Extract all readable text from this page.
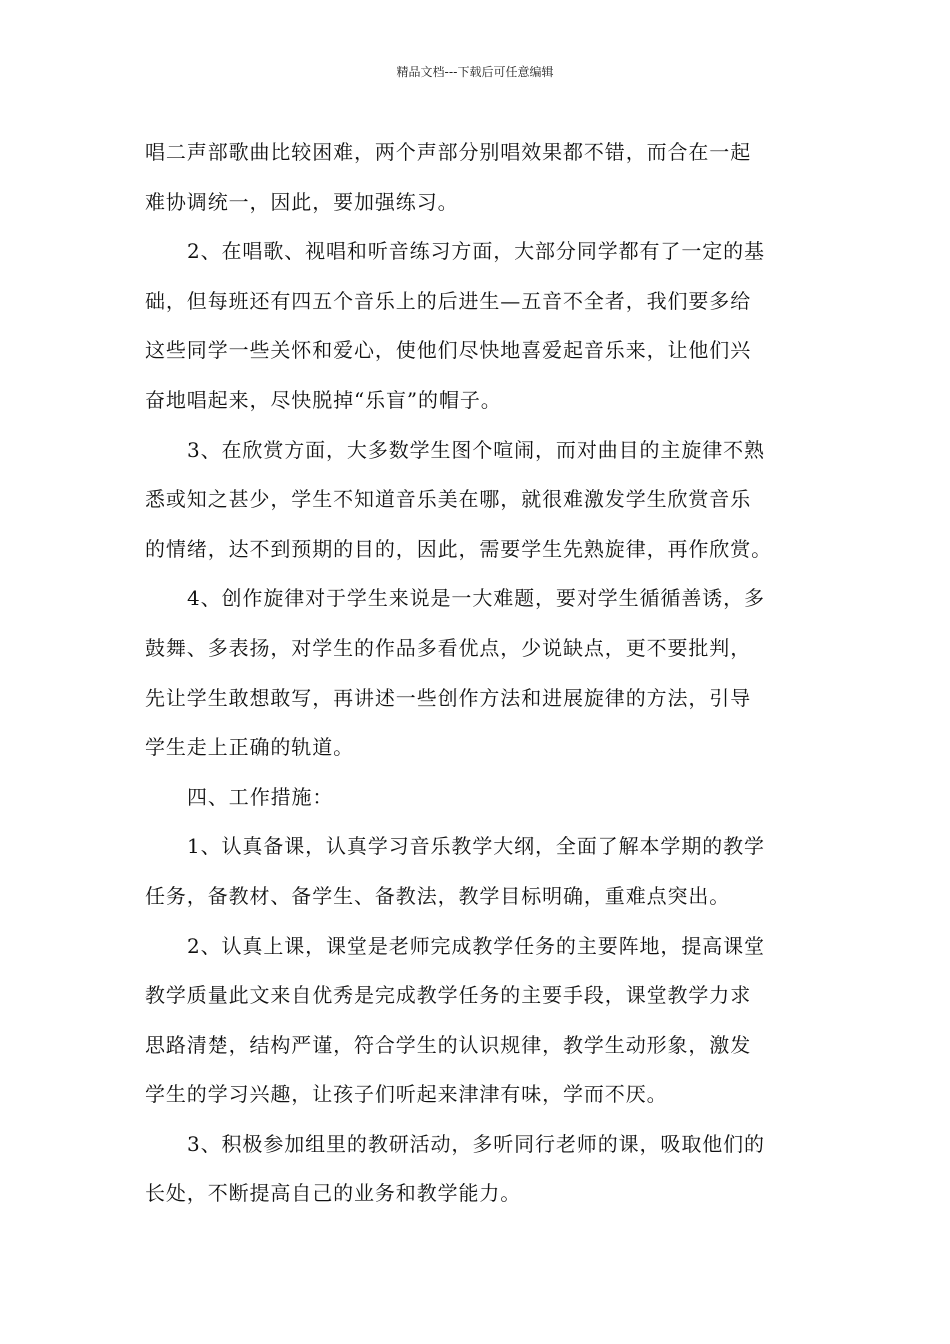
精品文档---下载后可任意编辑
唱二声部歌曲比较困难，两个声部分别唱效果都不错，而合在一起
难协调统一，因此，要加强练习。
2、在唱歌、视唱和听音练习方面，大部分同学都有了一定的基
础，但每班还有四五个音乐上的后进生—五音不全者，我们要多给
这些同学一些关怀和爱心，使他们尽快地喜爱起音乐来，让他们兴
奋地唱起来，尽快脱掉“乐盲”的帽子。
3、在欣赏方面，大多数学生图个喧闹，而对曲目的主旋律不熟
悉或知之甚少，学生不知道音乐美在哪，就很难激发学生欣赏音乐
的情绪，达不到预期的目的，因此，需要学生先熟旋律，再作欣赏。
4、创作旋律对于学生来说是一大难题，要对学生循循善诱，多
鼓舞、多表扬，对学生的作品多看优点，少说缺点，更不要批判，
先让学生敢想敢写，再讲述一些创作方法和进展旋律的方法，引导
学生走上正确的轨道。
四、工作措施：
1、认真备课，认真学习音乐教学大纲，全面了解本学期的教学
任务，备教材、备学生、备教法，教学目标明确，重难点突出。
2、认真上课，课堂是老师完成教学任务的主要阵地，提高课堂
教学质量此文来自优秀是完成教学任务的主要手段，课堂教学力求
思路清楚，结构严谨，符合学生的认识规律，教学生动形象，激发
学生的学习兴趣，让孩子们听起来津津有味，学而不厌。
3、积极参加组里的教研活动，多听同行老师的课，吸取他们的
长处，不断提高自己的业务和教学能力。
